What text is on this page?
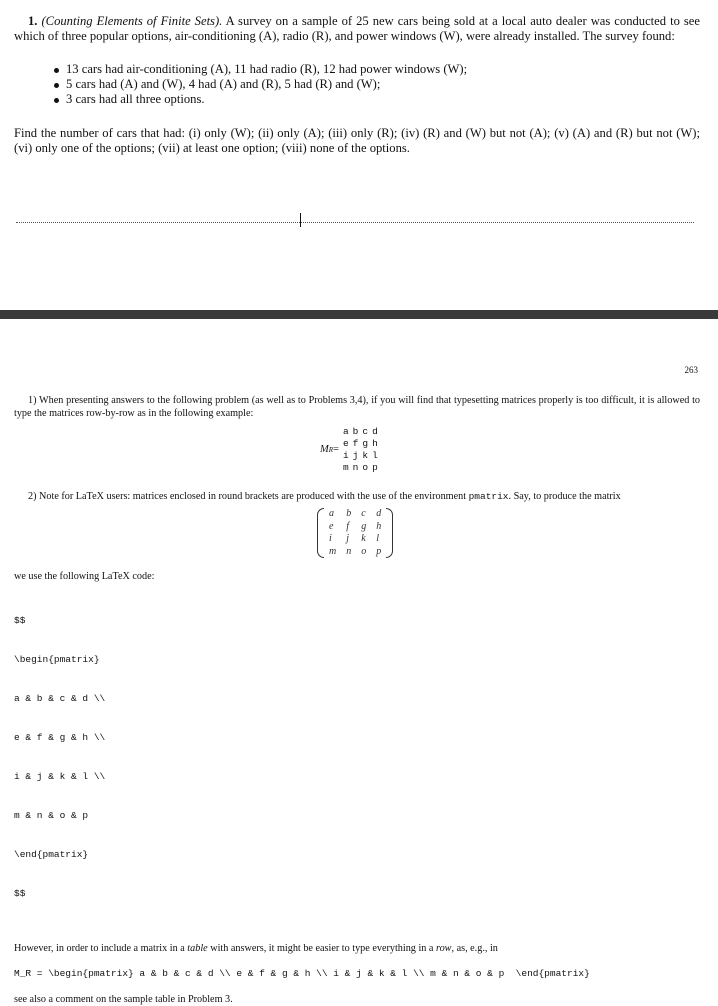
1. (Counting Elements of Finite Sets). A survey on a sample of 25 new cars being sold at a local auto dealer was conducted to see which of three popular options, air-conditioning (A), radio (R), and power windows (W), were already installed. The survey found:
13 cars had air-conditioning (A), 11 had radio (R), 12 had power windows (W);
5 cars had (A) and (W), 4 had (A) and (R), 5 had (R) and (W);
3 cars had all three options.
Find the number of cars that had: (i) only (W); (ii) only (A); (iii) only (R); (iv) (R) and (W) but not (A); (v) (A) and (R) but not (W); (vi) only one of the options; (vii) at least one option; (viii) none of the options.
263
1) When presenting answers to the following problem (as well as to Problems 3,4), if you will find that typesetting matrices properly is too difficult, it is allowed to type the matrices row-by-row as in the following example:
M R =
a	b	c	d
e	f	g	h
i	j	k	l
m	n	o	p
2) Note for LaTeX users: matrices enclosed in round brackets are produced with the use of the environment pmatrix. Say, to produce the matrix
a	b	c	d
e	f	g	h
i	j	k	l
m	n	o	p
we use the following LaTeX code:

$$

\begin{pmatrix}

a & b & c & d \\

e & f & g & h \\

i & j & k & l \\

m & n & o & p

\end{pmatrix}

$$

However, in order to include a matrix in a table with answers, it might be easier to type everything in a row, as, e.g., in
M_R = \begin{pmatrix} a & b & c & d \\ e & f & g & h \\ i & j & k & l \\ m & n & o & p  \end{pmatrix}
see also a comment on the sample table in Problem 3.
